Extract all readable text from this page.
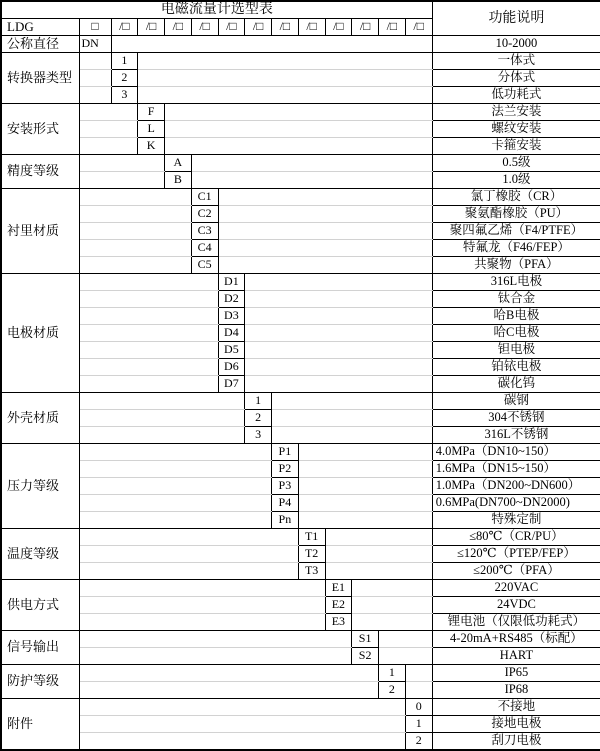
电磁流量计选型表														功能说明
LDG	□	/□	/□	/□	/□	/□	/□	/□	/□	/□	/□	/□	/□	
公称直径	DN													10-2000
转换器类型		1												一体式
		2												分体式
		3												低功耗式
安装形式			F											法兰安装
			L											螺纹安装
			K											卡箍安装
精度等级				A										0.5级
				B										1.0级
衬里材质					C1									氯丁橡胶（CR）
					C2									聚氨酯橡胶（PU）
					C3									聚四氟乙烯（F4/PTFE）
					C4									特氟龙（F46/FEP）
					C5									共聚物（PFA）
电极材质						D1								316L电极
						D2								钛合金
						D3								哈B电极
						D4								哈C电极
						D5								钽电极
						D6								铂铱电极
						D7								碳化钨
外壳材质							1							碳钢
							2							304不锈钢
							3							316L不锈钢
压力等级								P1						4.0MPa（DN10~150）
								P2						1.6MPa（DN15~150）
								P3						1.0MPa（DN200~DN600）
								P4						0.6MPa(DN700~DN2000)
								Pn						特殊定制
温度等级									T1					≤80℃（CR/PU）
									T2					≤120℃（PTEP/FEP）
									T3					≤200℃（PFA）
供电方式										E1				220VAC
										E2				24VDC
										E3				锂电池（仅限低功耗式）
信号输出											S1			4-20mA+RS485（标配）
											S2			HART
防护等级												1		IP65
												2		IP68
附件													0	不接地
													1	接地电极
													2	刮刀电极
